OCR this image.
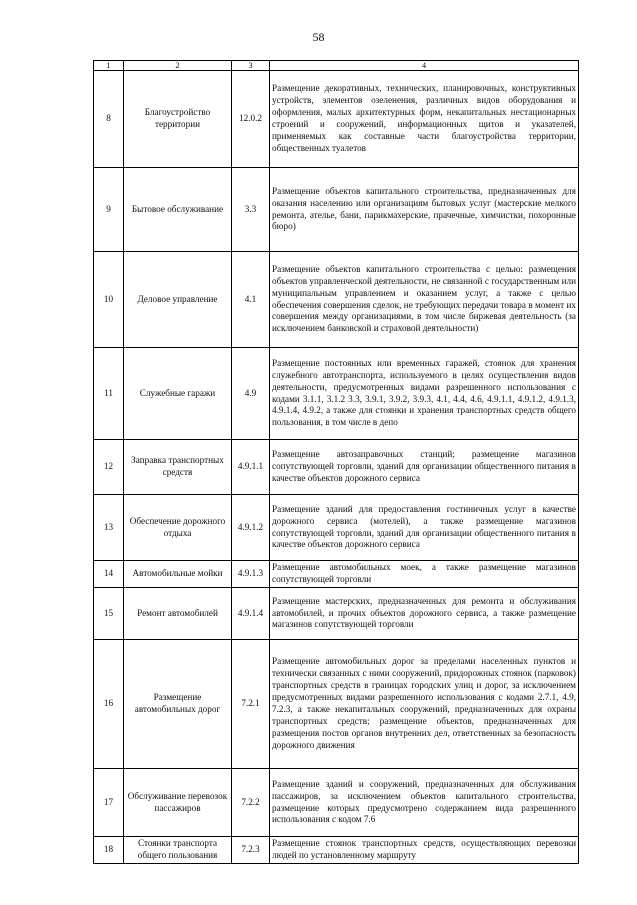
58
1	2	3	4
8	Благоустройство территории	12.0.2	Размещение декоративных, технических, планировочных, конструктивных устройств, элементов озеленения, различных видов оборудования и оформления, малых архитектурных форм, некапитальных нестационарных строений и сооружений, информационных щитов и указателей, применяемых как составные части благоустройства территории, общественных туалетов
9	Бытовое обслуживание	3.3	Размещение объектов капитального строительства, предназначенных для оказания населению или организациям бытовых услуг (мастерские мелкого ремонта, ателье, бани, парикмахерские, прачечные, химчистки, похоронные бюро)
10	Деловое управление	4.1	Размещение объектов капитального строительства с целью: размещения объектов управленческой деятельности, не связанной с государственным или муниципальным управлением и оказанием услуг, а также с целью обеспечения совершения сделок, не требующих передачи товара в момент их совершения между организациями, в том числе биржевая деятельность (за исключением банковской и страховой деятельности)
11	Служебные гаражи	4.9	Размещение постоянных или временных гаражей, стоянок для хранения служебного автотранспорта, используемого в целях осуществления видов деятельности, предусмотренных видами разрешенного использования с кодами 3.1.1, 3.1.2 3.3, 3.9.1, 3.9.2, 3.9.3, 4.1, 4.4, 4.6, 4.9.1.1, 4.9.1.2, 4.9.1.3, 4.9.1.4, 4.9.2, а также для стоянки и хранения транспортных средств общего пользования, в том числе в депо
12	Заправка транспортных средств	4.9.1.1	Размещение автозаправочных станций; размещение магазинов сопутствующей торговли, зданий для организации общественного питания в качестве объектов дорожного сервиса
13	Обеспечение дорожного отдыха	4.9.1.2	Размещение зданий для предоставления гостиничных услуг в качестве дорожного сервиса (мотелей), а также размещение магазинов сопутствующей торговли, зданий для организации общественного питания в качестве объектов дорожного сервиса
14	Автомобильные мойки	4.9.1.3	Размещение автомобильных моек, а также размещение магазинов сопутствующей торговли
15	Ремонт автомобилей	4.9.1.4	Размещение мастерских, предназначенных для ремонта и обслуживания автомобилей, и прочих объектов дорожного сервиса, а также размещение магазинов сопутствующей торговли
16	Размещение автомобильных дорог	7.2.1	Размещение автомобильных дорог за пределами населенных пунктов и технически связанных с ними сооружений, придорожных стоянок (парковок) транспортных средств в границах городских улиц и дорог, за исключением предусмотренных видами разрешенного использования с кодами 2.7.1, 4.9, 7.2.3, а также некапитальных сооружений, предназначенных для охраны транспортных средств; размещение объектов, предназначенных для размещения постов органов внутренних дел, ответственных за безопасность дорожного движения
17	Обслуживание перевозок пассажиров	7.2.2	Размещение зданий и сооружений, предназначенных для обслуживания пассажиров, за исключением объектов капитального строительства, размещение которых предусмотрено содержанием вида разрешенного использования с кодом 7.6
18	Стоянки транспорта общего пользования	7.2.3	Размещение стоянок транспортных средств, осуществляющих перевозки людей по установленному маршруту
